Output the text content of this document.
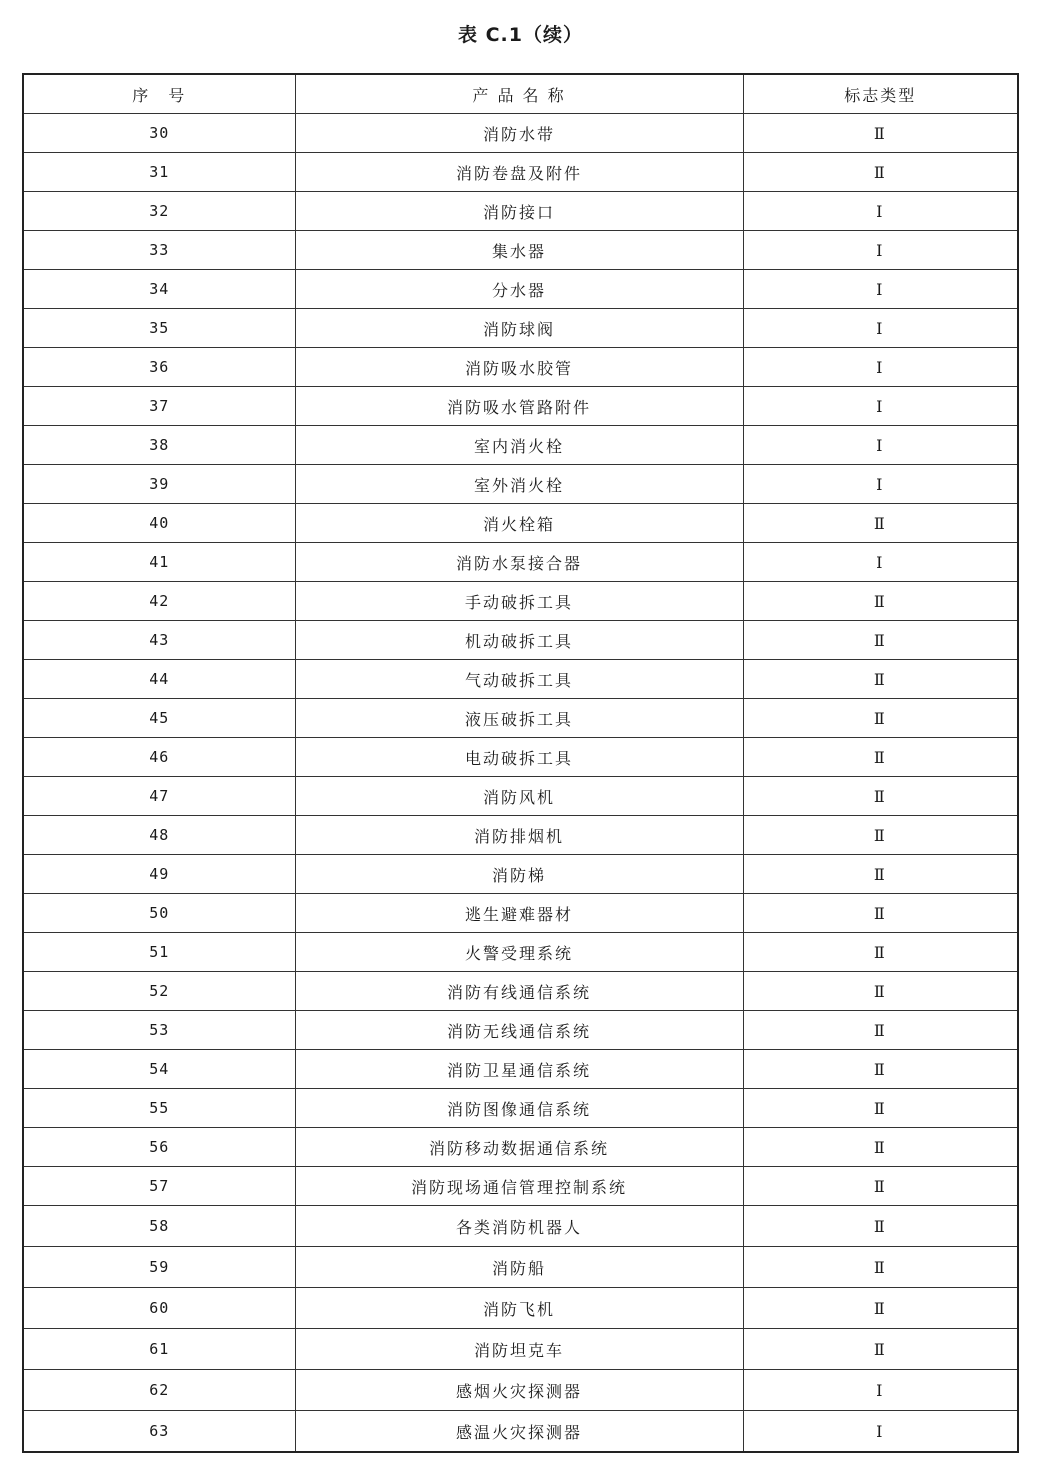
表 C.1（续）
序　号	产 品 名 称	标志类型
30	消防水带	Ⅱ
31	消防卷盘及附件	Ⅱ
32	消防接口	Ⅰ
33	集水器	Ⅰ
34	分水器	Ⅰ
35	消防球阀	Ⅰ
36	消防吸水胶管	Ⅰ
37	消防吸水管路附件	Ⅰ
38	室内消火栓	Ⅰ
39	室外消火栓	Ⅰ
40	消火栓箱	Ⅱ
41	消防水泵接合器	Ⅰ
42	手动破拆工具	Ⅱ
43	机动破拆工具	Ⅱ
44	气动破拆工具	Ⅱ
45	液压破拆工具	Ⅱ
46	电动破拆工具	Ⅱ
47	消防风机	Ⅱ
48	消防排烟机	Ⅱ
49	消防梯	Ⅱ
50	逃生避难器材	Ⅱ
51	火警受理系统	Ⅱ
52	消防有线通信系统	Ⅱ
53	消防无线通信系统	Ⅱ
54	消防卫星通信系统	Ⅱ
55	消防图像通信系统	Ⅱ
56	消防移动数据通信系统	Ⅱ
57	消防现场通信管理控制系统	Ⅱ
58	各类消防机器人	Ⅱ
59	消防船	Ⅱ
60	消防飞机	Ⅱ
61	消防坦克车	Ⅱ
62	感烟火灾探测器	Ⅰ
63	感温火灾探测器	Ⅰ
